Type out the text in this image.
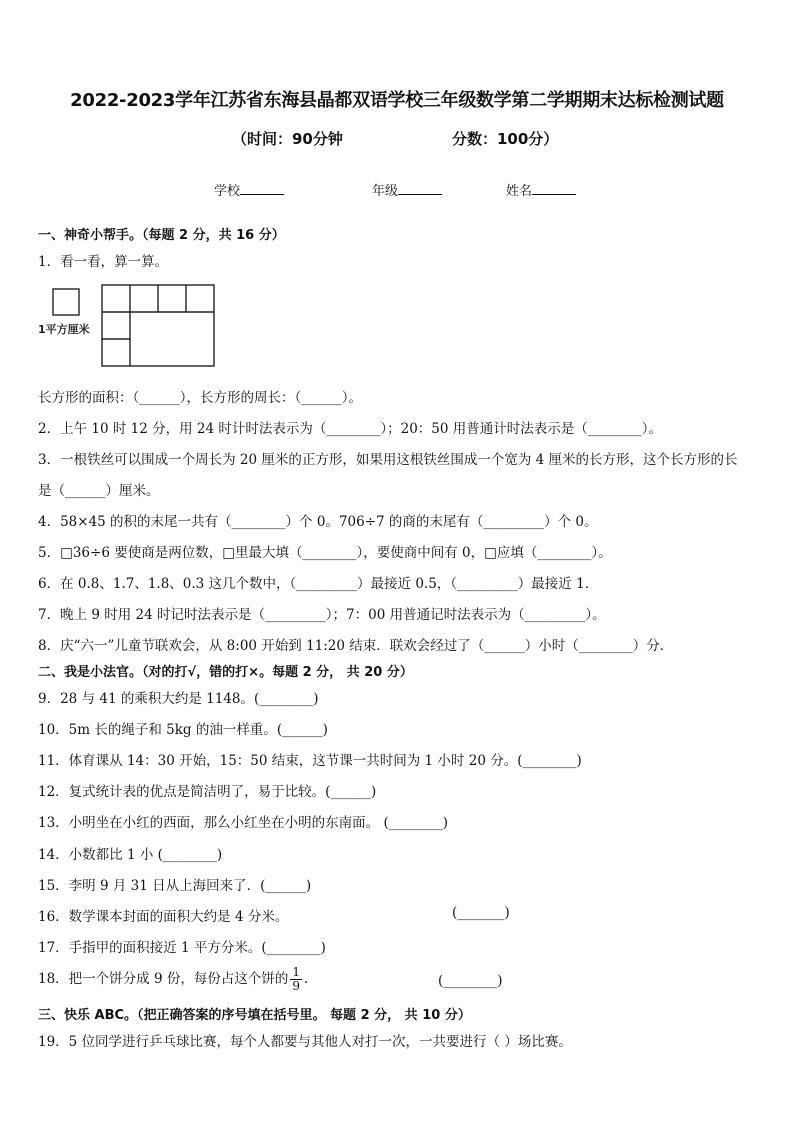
2022-2023学年江苏省东海县晶都双语学校三年级数学第二学期期末达标检测试题
（时间：90分钟	分数：100分）
学校	年级	姓名
一、神奇小帮手。（每题 2 分，共 16 分）
1．看一看，算一算。
1平方厘米
长方形的面积：（______），长方形的周长：（______）。
2．上午 10 时 12 分，用 24 时计时法表示为（________）；20：50 用普通计时法表示是（________）。
3．一根铁丝可以围成一个周长为 20 厘米的正方形，如果用这根铁丝围成一个宽为 4 厘米的长方形，这个长方形的长
是（______）厘米。
4．58×45 的积的末尾一共有（________）个 0。706÷7 的商的末尾有（_________）个 0。
5．□36÷6 要使商是两位数，□里最大填（________），要使商中间有 0，□应填（________）。
6．在 0.8、1.7、1.8、0.3 这几个数中，（_________）最接近 0.5，（_________）最接近 1．
7．晚上 9 时用 24 时记时法表示是（_________）；7：00 用普通记时法表示为（_________）。
8．庆“六一”儿童节联欢会，从 8:00 开始到 11:20 结束．联欢会经过了（______）小时（________）分．
二、我是小法官。（对的打√，错的打×。每题 2 分， 共 20 分）
9．28 与 41 的乘积大约是 1148。(________)
10．5m 长的绳子和 5kg 的油一样重。(______)
11．体育课从 14：30 开始，15：50 结束，这节课一共时间为 1 小时 20 分。(________)
12．复式统计表的优点是简洁明了，易于比较。(______)
13．小明坐在小红的西面，那么小红坐在小明的东南面。 (________)
14．小数都比 1 小 (________)
15．李明 9 月 31 日从上海回来了．(______)
16．数学课本封面的面积大约是 4 分米。	(_______)
17．手指甲的面积接近 1 平方分米。(________)
18．把一个饼分成 9 份，每份占这个饼的 $\frac{1}{9}$ ．	(________)
三、快乐 ABC。（把正确答案的序号填在括号里。 每题 2 分， 共 10 分）
19．5 位同学进行乒乓球比赛，每个人都要与其他人对打一次，一共要进行（ ）场比赛。
